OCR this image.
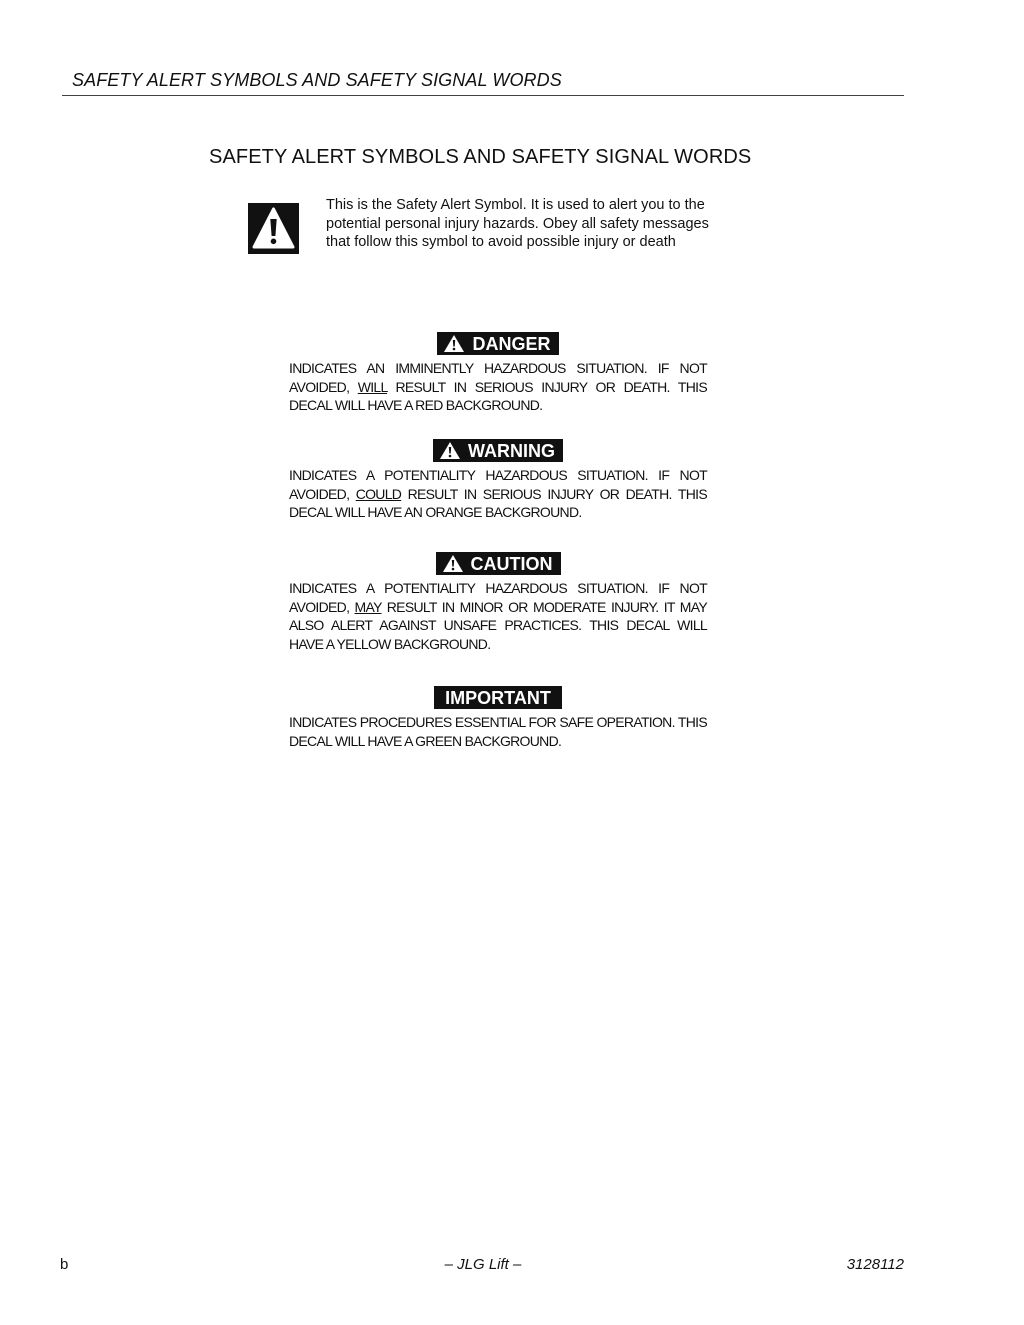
SAFETY ALERT SYMBOLS AND SAFETY SIGNAL WORDS
SAFETY ALERT SYMBOLS AND SAFETY SIGNAL WORDS
This is the Safety Alert Symbol. It is used to alert you to the
potential personal injury hazards. Obey all safety messages
that follow this symbol to avoid possible injury or death
DANGER
INDICATES AN IMMINENTLY HAZARDOUS SITUATION. IF NOT AVOIDED, WILL RESULT IN SERIOUS INJURY OR DEATH. THIS DECAL WILL HAVE A RED BACKGROUND.
WARNING
INDICATES A POTENTIALITY HAZARDOUS SITUATION. IF NOT AVOIDED, COULD RESULT IN SERIOUS INJURY OR DEATH. THIS DECAL WILL HAVE AN ORANGE BACKGROUND.
CAUTION
INDICATES A POTENTIALITY HAZARDOUS SITUATION. IF NOT AVOIDED, MAY RESULT IN MINOR OR MODERATE INJURY. IT MAY ALSO ALERT AGAINST UNSAFE PRACTICES. THIS DECAL WILL HAVE A YELLOW BACKGROUND.
IMPORTANT
INDICATES PROCEDURES ESSENTIAL FOR SAFE OPERATION. THIS DECAL WILL HAVE A GREEN BACKGROUND.
b	– JLG Lift –	3128112
